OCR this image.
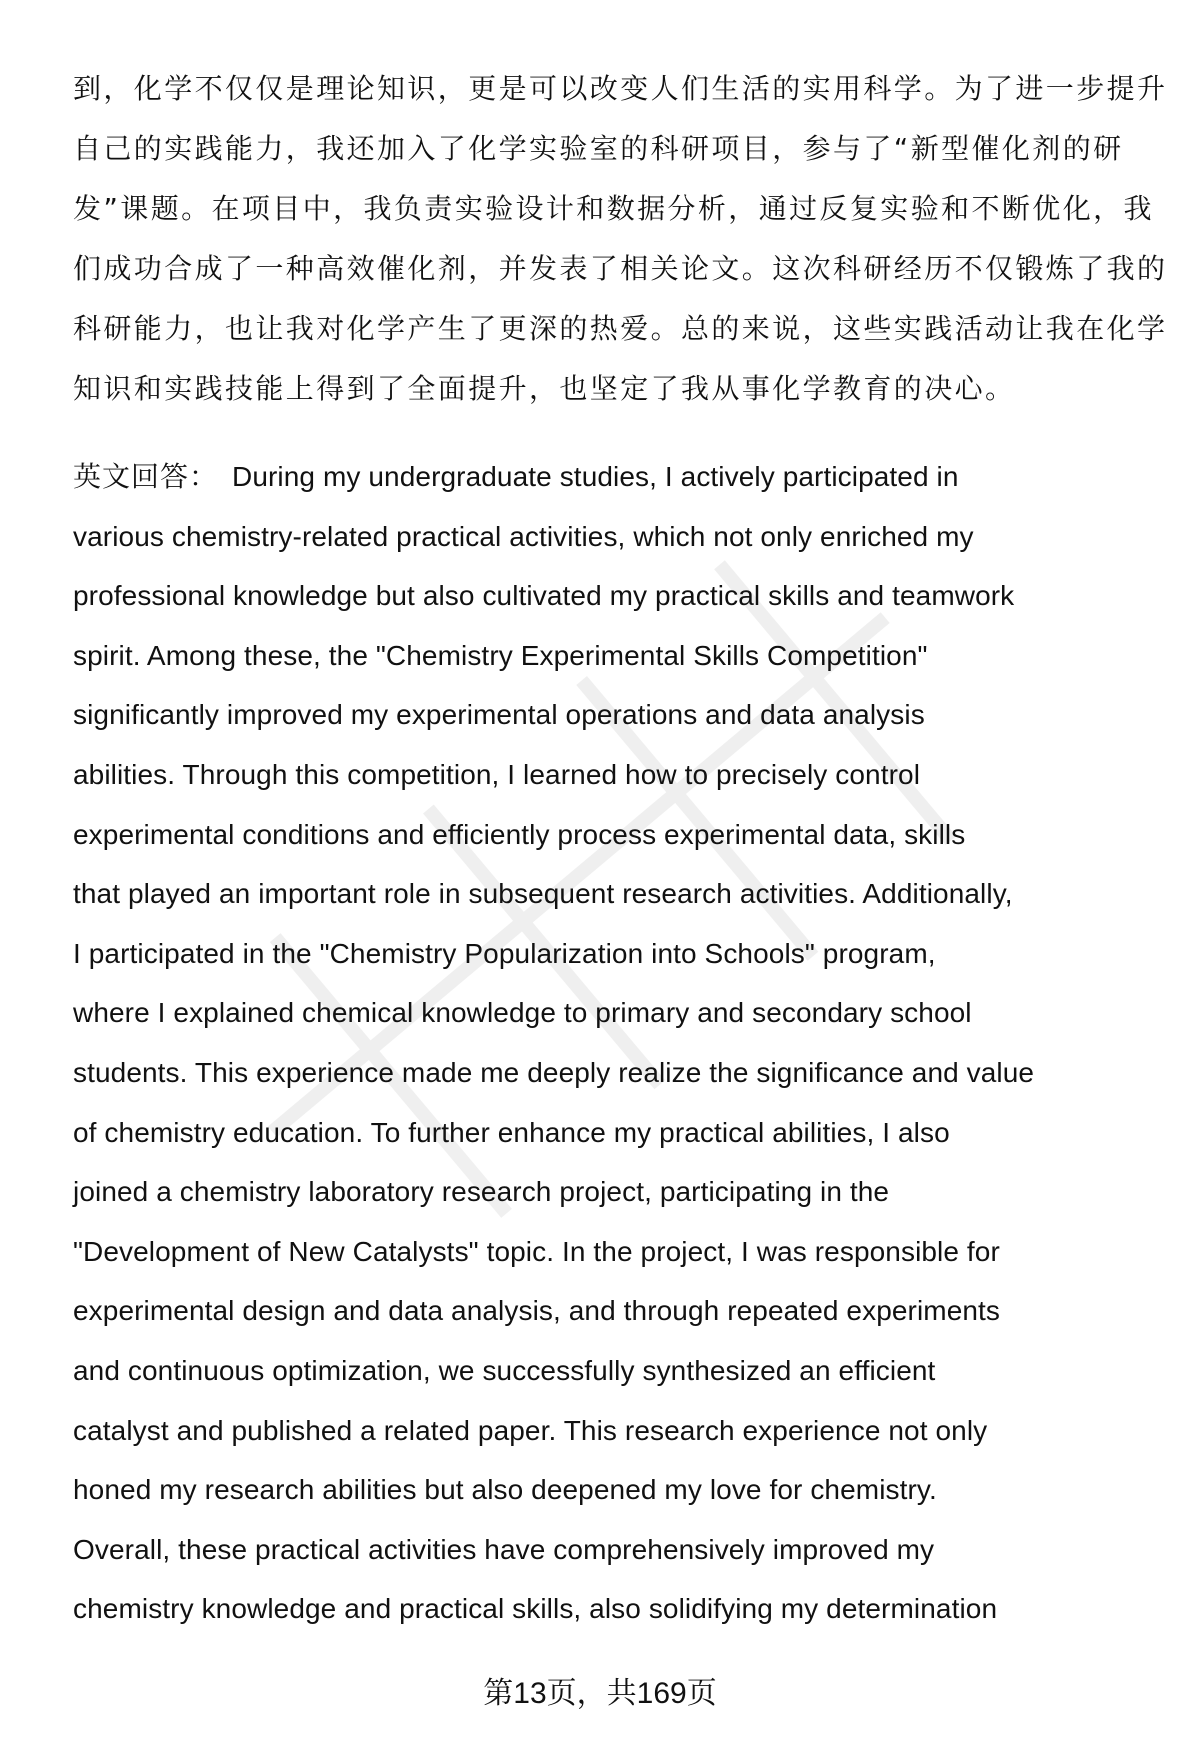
到，化学不仅仅是理论知识，更是可以改变人们生活的实用科学。为了进一步提升
自己的实践能力，我还加入了化学实验室的科研项目，参与了“新型催化剂的研
发”课题。在项目中，我负责实验设计和数据分析，通过反复实验和不断优化，我
们成功合成了一种高效催化剂，并发表了相关论文。这次科研经历不仅锻炼了我的
科研能力，也让我对化学产生了更深的热爱。总的来说，这些实践活动让我在化学
知识和实践技能上得到了全面提升，也坚定了我从事化学教育的决心。
英文回答： During my undergraduate studies, I actively participated in
various chemistry-related practical activities, which not only enriched my
professional knowledge but also cultivated my practical skills and teamwork
spirit. Among these, the "Chemistry Experimental Skills Competition"
significantly improved my experimental operations and data analysis
abilities. Through this competition, I learned how to precisely control
experimental conditions and efficiently process experimental data, skills
that played an important role in subsequent research activities. Additionally,
I participated in the "Chemistry Popularization into Schools" program,
where I explained chemical knowledge to primary and secondary school
students. This experience made me deeply realize the significance and value
of chemistry education. To further enhance my practical abilities, I also
joined a chemistry laboratory research project, participating in the
"Development of New Catalysts" topic. In the project, I was responsible for
experimental design and data analysis, and through repeated experiments
and continuous optimization, we successfully synthesized an efficient
catalyst and published a related paper. This research experience not only
honed my research abilities but also deepened my love for chemistry.
Overall, these practical activities have comprehensively improved my
chemistry knowledge and practical skills, also solidifying my determination
第13页，共169页
